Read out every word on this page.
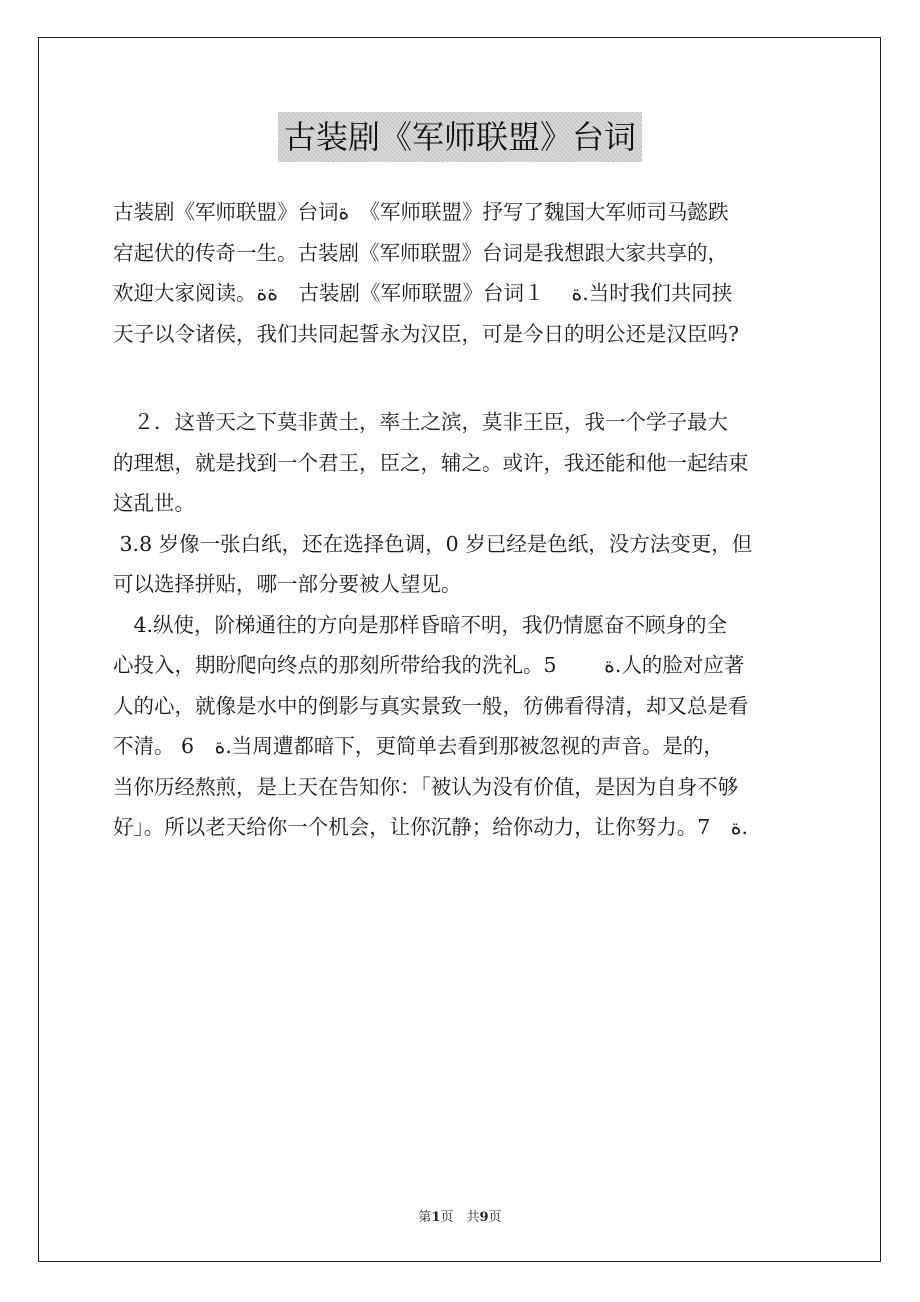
古装剧《军师联盟》台词
古装剧《军师联盟》台词ة　《军师联盟》抒写了魏国大军师司马懿跌
宕起伏的传奇一生。古装剧《军师联盟》台词是我想跟大家共享的，
欢迎大家阅读。ةة　古装剧《军师联盟》台词１　 ة.当时我们共同挟
天子以令诸侯，我们共同起誓永为汉臣，可是今日的明公还是汉臣吗?
　２．这普天之下莫非黄土，率土之滨，莫非王臣，我一个学子最大
的理想，就是找到一个君王，臣之，辅之。或许，我还能和他一起结束
这乱世。
3.8 岁像一张白纸，还在选择色调，0 岁已经是色纸，没方法变更，但
可以选择拼贴，哪一部分要被人望见。
　4.纵使，阶梯通往的方向是那样昏暗不明，我仍情愿奋不顾身的全
心投入，期盼爬向终点的那刻所带给我的洗礼。5　　 ة.人的脸对应著
人的心，就像是水中的倒影与真实景致一般，彷佛看得清，却又总是看
不清。 6　ة.当周遭都暗下，更简单去看到那被忽视的声音。是的，
当你历经熬煎，是上天在告知你：「被认为没有价值，是因为自身不够
好」。所以老天给你一个机会，让你沉静；给你动力，让你努力。7　ة.
第1页　共9页
